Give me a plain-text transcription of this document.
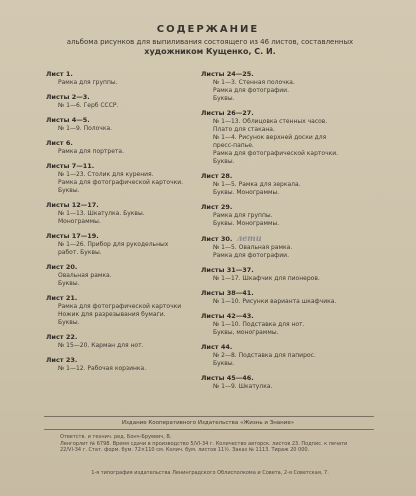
СОДЕРЖАНИЕ
альбома рисунков для выпиливания состоящего из 46 листов, составленных
художником Кущенко, С. И.
Лист 1.
Рамка для группы.
Листы 2—3.
№ 1—6. Герб СССР.
Листы 4—5.
№ 1—9. Полочка.
Лист 6.
Рамка для портрета.
Листы 7—11.
№ 1—23. Столик для курения.
Рамка для фотографической карточки.
Буквы.
Листы 12—17.
№ 1—13. Шкатулка. Буквы.
Монограммы.
Листы 17—19.
№ 1—26. Прибор для рукодельных
работ. Буквы.
Лист 20.
Овальная рамка.
Буквы.
Лист 21.
Рамка для фотографической карточки
Ножик для разрезывания бумаги.
Буквы.
Лист 22.
№ 15—20. Карман для нот.
Лист 23.
№ 1—12. Рабочая корзинка.
Листы 24—25.
№ 1—3. Стенная полочка.
Рамка для фотографии.
Буквы.
Листы 26—27.
№ 1—13. Облицовка стенных часов.
Плато для стакана.
№ 1—4. Рисунок верхней доски для
пресс-папье.
Рамка для фотографической карточки.
Буквы.
Лист 28.
№ 1—5. Рамка для зеркала.
Буквы. Монограммы.
Лист 29.
Рамка для группы.
Буквы. Монограммы.
Лист 30. лети
№ 1—5. Овальная рамка.
Рамка для фотографии.
Листы 31—37.
№ 1—17. Шкафчик для пионеров.
Листы 38—41.
№ 1—10. Рисунки варианта шкафчика.
Листы 42—43.
№ 1—10. Подставка для нот.
Буквы, монограммы.
Лист 44.
№ 2—8. Подставка для папирос.
Буквы.
Листы 45—46.
№ 1—9. Шкатулка.
Издание Кооперативного Издательства «Жизнь и Знание»
Ответств. и технич. ред. Бонч-Бруевич, В.
Ленгорлит № 6798. Время сдачи в производство 5/VI-34 г. Количество авторск. листов 23. Подпис. к печати
22/VI-34 г. Стат. форм. бум. 72×110 см. Колич. бум. листов 11½. Заказ № 1113. Тираж 20 000.
1-я типография издательства Ленинградского Облисполкома и Совета, 2-я Советская, 7.
